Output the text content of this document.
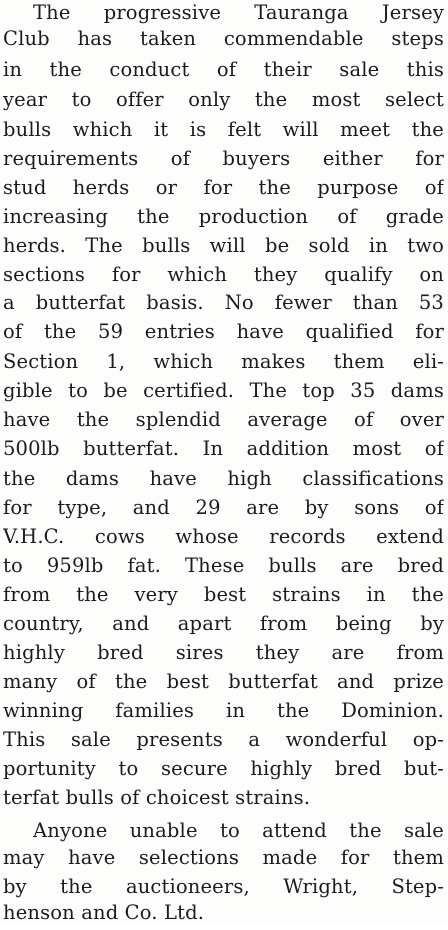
The progressive Tauranga Jersey
Club has taken commendable steps
in the conduct of their sale this
year to offer only the most select
bulls which it is felt will meet the
requirements of buyers either for
stud herds or for the purpose of
increasing the production of grade
herds. The bulls will be sold in two
sections for which they qualify on
a butterfat basis. No fewer than 53
of the 59 entries have qualified for
Section 1, which makes them eli-
gible to be certified. The top 35 dams
have the splendid average of over
500lb butterfat. In addition most of
the dams have high classifications
for type, and 29 are by sons of
V.H.C. cows whose records extend
to 959lb fat. These bulls are bred
from the very best strains in the
country, and apart from being by
highly bred sires they are from
many of the best butterfat and prize
winning families in the Dominion.
This sale presents a wonderful op-
portunity to secure highly bred but-
terfat bulls of choicest strains.
Anyone unable to attend the sale
may have selections made for them
by the auctioneers, Wright, Step-
henson and Co. Ltd.
